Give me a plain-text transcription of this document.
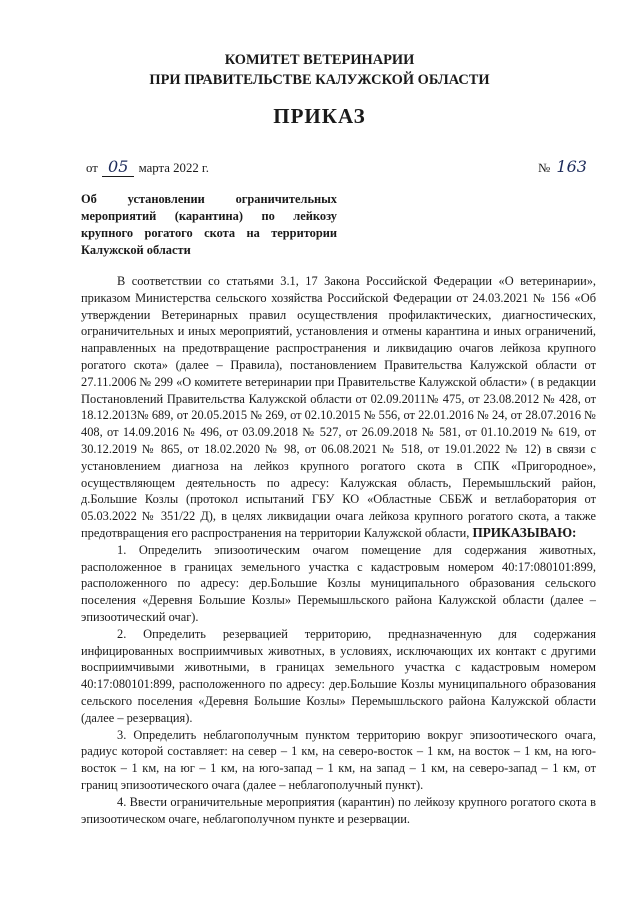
КОМИТЕТ ВЕТЕРИНАРИИ
ПРИ ПРАВИТЕЛЬСТВЕ КАЛУЖСКОЙ ОБЛАСТИ
ПРИКАЗ
от 05 марта 2022 г.	№ 163
Об установлении ограничительных мероприятий (карантина) по лейкозу крупного рогатого скота на территории Калужской области

В соответствии со статьями 3.1, 17 Закона Российской Федерации «О ветеринарии», приказом Министерства сельского хозяйства Российской Федерации от 24.03.2021 № 156 «Об утверждении Ветеринарных правил осуществления профилактических, диагностических, ограничительных и иных мероприятий, установления и отмены карантина и иных ограничений, направленных на предотвращение распространения и ликвидацию очагов лейкоза крупного рогатого скота» (далее – Правила), постановлением Правительства Калужской области от 27.11.2006 № 299 «О комитете ветеринарии при Правительстве Калужской области» ( в редакции Постановлений Правительства Калужской области от 02.09.2011№ 475, от 23.08.2012 № 428, от 18.12.2013№ 689, от 20.05.2015 № 269, от 02.10.2015 № 556, от 22.01.2016 № 24, от 28.07.2016 № 408, от 14.09.2016 № 496, от 03.09.2018 № 527, от 26.09.2018 № 581, от 01.10.2019 № 619, от 30.12.2019 № 865, от 18.02.2020 № 98, от 06.08.2021 № 518, от 19.01.2022 № 12) в связи с установлением диагноза на лейкоз крупного рогатого скота в СПК «Пригородное», осуществляющем деятельность по адресу: Калужская область, Перемышльский район, д.Большие Козлы (протокол испытаний ГБУ КО «Областные СББЖ и ветлаборатория от 05.03.2022 № 351/22 Д), в целях ликвидации очага лейкоза крупного рогатого скота, а также предотвращения его распространения на территории Калужской области, ПРИКАЗЫВАЮ:

1. Определить эпизоотическим очагом помещение для содержания животных, расположенное в границах земельного участка с кадастровым номером 40:17:080101:899, расположенного по адресу: дер.Большие Козлы муниципального образования сельского поселения «Деревня Большие Козлы» Перемышльского района Калужской области (далее – эпизоотический очаг).

2. Определить резервацией территорию, предназначенную для содержания инфицированных восприимчивых животных, в условиях, исключающих их контакт с другими восприимчивыми животными, в границах земельного участка с кадастровым номером 40:17:080101:899, расположенного по адресу: дер.Большие Козлы муниципального образования сельского поселения «Деревня Большие Козлы» Перемышльского района Калужской области (далее – резервация).

3. Определить неблагополучным пунктом территорию вокруг эпизоотического очага, радиус которой составляет: на север – 1 км, на северо-восток – 1 км, на восток – 1 км, на юго-восток – 1 км, на юг – 1 км, на юго-запад – 1 км, на запад – 1 км, на северо-запад – 1 км, от границ эпизоотического очага (далее – неблагополучный пункт).

4. Ввести ограничительные мероприятия (карантин) по лейкозу крупного рогатого скота в эпизоотическом очаге, неблагополучном пункте и резервации.
